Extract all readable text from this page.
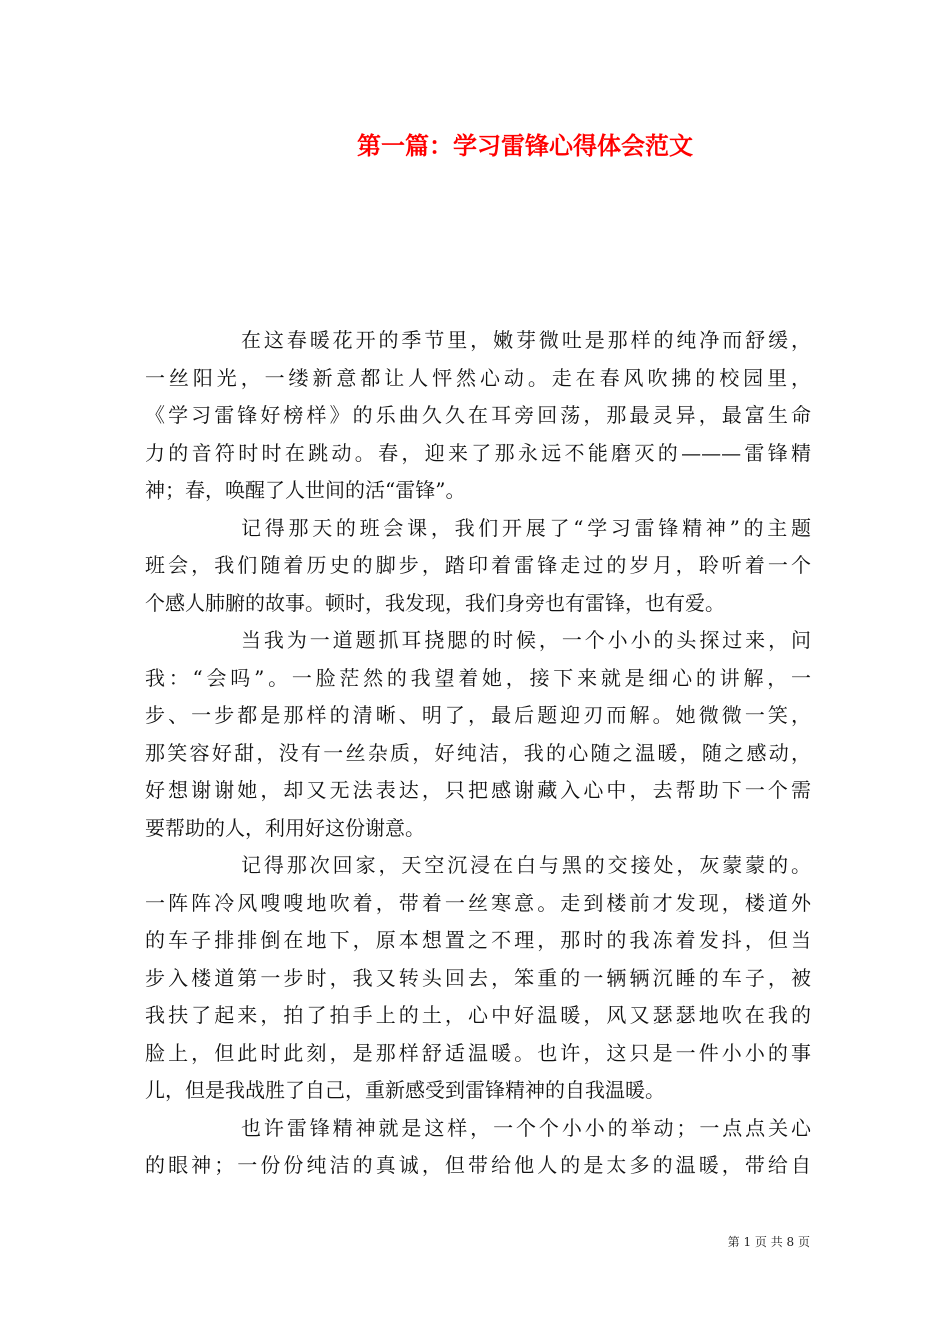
第一篇：学习雷锋心得体会范文

在这春暖花开的季节里，嫩芽微吐是那样的纯净而舒缓，

一丝阳光，一缕新意都让人怦然心动。走在春风吹拂的校园里，

《学习雷锋好榜样》的乐曲久久在耳旁回荡，那最灵异，最富生命

力的音符时时在跳动。春，迎来了那永远不能磨灭的———雷锋精

神；春，唤醒了人世间的活“雷锋”。

记得那天的班会课，我们开展了“学习雷锋精神”的主题

班会，我们随着历史的脚步，踏印着雷锋走过的岁月，聆听着一个

个感人肺腑的故事。顿时，我发现，我们身旁也有雷锋，也有爱。

当我为一道题抓耳挠腮的时候，一个小小的头探过来，问

我：“会吗”。一脸茫然的我望着她，接下来就是细心的讲解，一

步、一步都是那样的清晰、明了，最后题迎刃而解。她微微一笑，

那笑容好甜，没有一丝杂质，好纯洁，我的心随之温暖，随之感动，

好想谢谢她，却又无法表达，只把感谢藏入心中，去帮助下一个需

要帮助的人，利用好这份谢意。

记得那次回家，天空沉浸在白与黑的交接处，灰蒙蒙的。

一阵阵冷风嗖嗖地吹着，带着一丝寒意。走到楼前才发现，楼道外

的车子排排倒在地下，原本想置之不理，那时的我冻着发抖，但当

步入楼道第一步时，我又转头回去，笨重的一辆辆沉睡的车子，被

我扶了起来，拍了拍手上的土，心中好温暖，风又瑟瑟地吹在我的

脸上，但此时此刻，是那样舒适温暖。也许，这只是一件小小的事

儿，但是我战胜了自己，重新感受到雷锋精神的自我温暖。

也许雷锋精神就是这样，一个个小小的举动；一点点关心

的眼神；一份份纯洁的真诚，但带给他人的是太多的温暖，带给自

第 1 页 共 8 页
